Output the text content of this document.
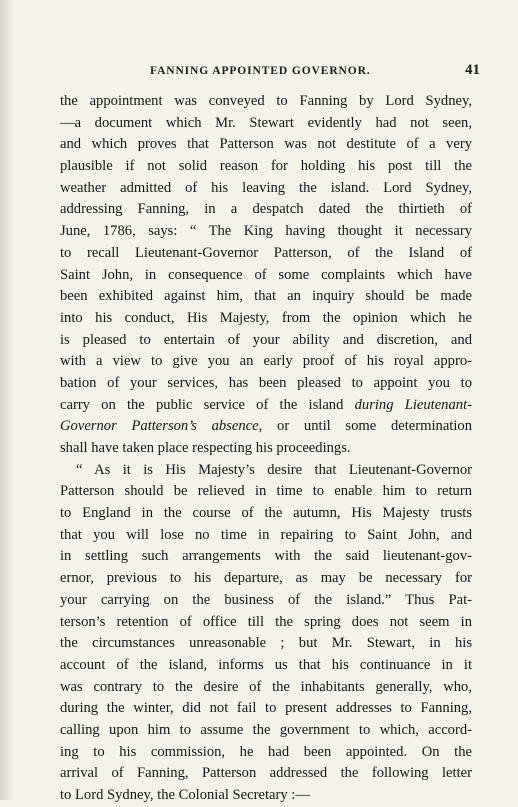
FANNING APPOINTED GOVERNOR.	41
the appointment was conveyed to Fanning by Lord Sydney,
—a document which Mr. Stewart evidently had not seen,
and which proves that Patterson was not destitute of a very
plausible if not solid reason for holding his post till the
weather admitted of his leaving the island. Lord Sydney,
addressing Fanning, in a despatch dated the thirtieth of
June, 1786, says: “ The King having thought it necessary
to recall Lieutenant-Governor Patterson, of the Island of
Saint John, in consequence of some complaints which have
been exhibited against him, that an inquiry should be made
into his conduct, His Majesty, from the opinion which he
is pleased to entertain of your ability and discretion, and
with a view to give you an early proof of his royal appro-
bation of your services, has been pleased to appoint you to
carry on the public service of the island during Lieutenant-
Governor Patterson’s absence, or until some determination
shall have taken place respecting his proceedings.
“ As it is His Majesty’s desire that Lieutenant-Governor
Patterson should be relieved in time to enable him to return
to England in the course of the autumn, His Majesty trusts
that you will lose no time in repairing to Saint John, and
in settling such arrangements with the said lieutenant-gov-
ernor, previous to his departure, as may be necessary for
your carrying on the business of the island.” Thus Pat-
terson’s retention of office till the spring does not seem in
the circumstances unreasonable ; but Mr. Stewart, in his
account of the island, informs us that his continuance in it
was contrary to the desire of the inhabitants generally, who,
during the winter, did not fail to present addresses to Fanning,
calling upon him to assume the government to which, accord-
ing to his commission, he had been appointed. On the
arrival of Fanning, Patterson addressed the following letter
to Lord Sydney, the Colonial Secretary :—
